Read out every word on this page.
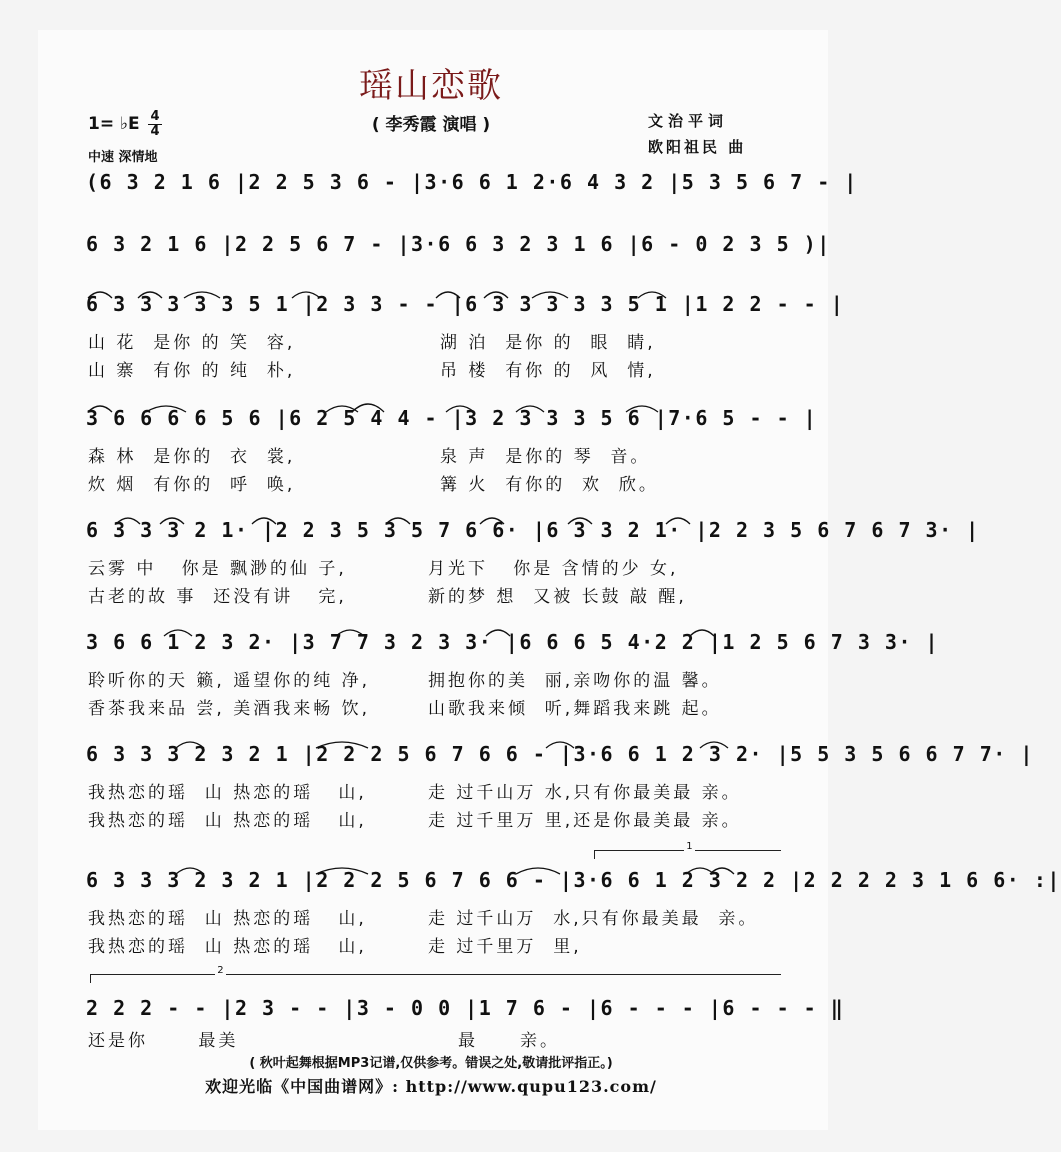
瑶山恋歌
( 李秀霞 演唱 )
1= ♭E 4
4
中速 深情地
文治平词
欧阳祖民 曲
(6 3 2 1 6 |2 2 5 3 6 - |3·6 6 1 2·6 4 3 2 |5 3 5 6 7 - |
6 3 2 1 6 |2 2 5 6 7 - |3·6 6 3 2 3 1 6 |6 - 0 2 3 5 )|
6 3 3 3 3 3 5 1 |2 3 3 - - |6 3 3 3 3 3 5 1 |1 2 2 - - |
3 6 6 6 6 5 6 |6 2 5 4 4 - |3 2 3 3 3 5 6 |7·6 5 - - |
6 3 3 3 2 1· |2 2 3 5 3 5 7 6 6· |6 3 3 2 1· |2 2 3 5 6 7 6 7 3· |
3 6 6 1 2 3 2· |3 7 7 3 2 3 3· |6 6 6 5 4·2 2 |1 2 5 6 7 3 3· |
6 3 3 3 2 3 2 1 |2 2 2 5 6 7 6 6 - |3·6 6 1 2 3 2· |5 5 3 5 6 6 7 7· |
6 3 3 3 2 3 2 1 |2 2 2 5 6 7 6 6 - |3·6 6 1 2 3 2 2 |2 2 2 2 3 1 6 6· :|
2 2 2 - - |2 3 - - |3 - 0 0 |1 7 6 - |6 - - - |6 - - - ‖
1
2
山 花  是你 的 笑  容,	湖 泊  是你 的  眼  睛,
山 寨  有你 的 纯  朴,	吊 楼  有你 的  风  情,
森 林  是你的  衣  裳,	泉 声  是你的 琴  音。
炊 烟  有你的  呼  唤,	篝 火  有你的  欢  欣。
云雾 中   你是 飘渺的仙 子,	月光下   你是 含情的少 女,
古老的故 事  还没有讲   完,	新的梦 想  又被 长鼓 敲 醒,
聆听你的天 籁, 遥望你的纯 净,	拥抱你的美  丽,亲吻你的温 馨。
香茶我来品 尝, 美酒我来畅 饮,	山歌我来倾  听,舞蹈我来跳 起。
我热恋的瑶  山 热恋的瑶   山,	走 过千山万 水,只有你最美最 亲。
我热恋的瑶  山 热恋的瑶   山,	走 过千里万 里,还是你最美最 亲。
我热恋的瑶  山 热恋的瑶   山,	走 过千山万  水,只有你最美最  亲。
我热恋的瑶  山 热恋的瑶   山,	走 过千里万  里,
还是你      最美	最     亲。
( 秋叶起舞根据MP3记谱,仅供参考。错误之处,敬请批评指正。)
欢迎光临《中国曲谱网》: http://www.qupu123.com/
